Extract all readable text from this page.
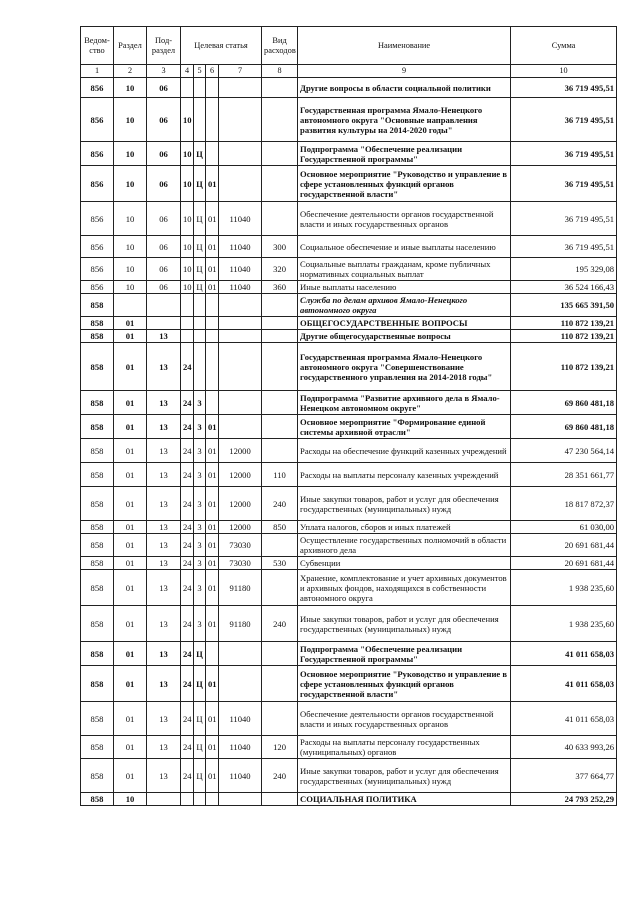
Ведом-ство	Раздел	Под-раздел	Целевая статья				Вид расходов	Наименование	Сумма
1	2	3	4	5	6	7	8	9	10
856	10	06						Другие вопросы в области социальной политики	36 719 495,51
856	10	06	10					Государственная программа Ямало-Ненецкого автономного округа "Основные направления развития культуры на 2014-2020 годы"	36 719 495,51
856	10	06	10	Ц				Подпрограмма "Обеспечение реализации Государственной программы"	36 719 495,51
856	10	06	10	Ц	01			Основное мероприятие "Руководство и управление в сфере установленных функций органов государственной власти"	36 719 495,51
856	10	06	10	Ц	01	11040		Обеспечение деятельности органов государственной власти и иных государственных органов	36 719 495,51
856	10	06	10	Ц	01	11040	300	Социальное обеспечение и иные выплаты населению	36 719 495,51
856	10	06	10	Ц	01	11040	320	Социальные выплаты гражданам, кроме публичных нормативных социальных выплат	195 329,08
856	10	06	10	Ц	01	11040	360	Иные выплаты населению	36 524 166,43
858								Служба по делам архивов Ямало-Ненецкого автономного округа	135 665 391,50
858	01							ОБЩЕГОСУДАРСТВЕННЫЕ ВОПРОСЫ	110 872 139,21
858	01	13						Другие общегосударственные вопросы	110 872 139,21
858	01	13	24					Государственная программа Ямало-Ненецкого автономного округа "Совершенствование государственного управления на 2014-2018 годы"	110 872 139,21
858	01	13	24	3				Подпрограмма "Развитие архивного дела в Ямало-Ненецком автономном округе"	69 860 481,18
858	01	13	24	3	01			Основное мероприятие "Формирование единой системы архивной отрасли"	69 860 481,18
858	01	13	24	3	01	12000		Расходы на обеспечение функций казенных учреждений	47 230 564,14
858	01	13	24	3	01	12000	110	Расходы на выплаты персоналу казенных учреждений	28 351 661,77
858	01	13	24	3	01	12000	240	Иные закупки товаров, работ и услуг для обеспечения государственных (муниципальных) нужд	18 817 872,37
858	01	13	24	3	01	12000	850	Уплата налогов, сборов и иных платежей	61 030,00
858	01	13	24	3	01	73030		Осуществление государственных полномочий в области архивного дела	20 691 681,44
858	01	13	24	3	01	73030	530	Субвенции	20 691 681,44
858	01	13	24	3	01	91180		Хранение, комплектование и учет архивных документов и архивных фондов, находящихся в собственности автономного округа	1 938 235,60
858	01	13	24	3	01	91180	240	Иные закупки товаров, работ и услуг для обеспечения государственных (муниципальных) нужд	1 938 235,60
858	01	13	24	Ц				Подпрограмма "Обеспечение реализации Государственной программы"	41 011 658,03
858	01	13	24	Ц	01			Основное мероприятие "Руководство и управление в сфере установленных функций органов государственной власти"	41 011 658,03
858	01	13	24	Ц	01	11040		Обеспечение деятельности органов государственной власти и иных государственных органов	41 011 658,03
858	01	13	24	Ц	01	11040	120	Расходы на выплаты персоналу государственных (муниципальных) органов	40 633 993,26
858	01	13	24	Ц	01	11040	240	Иные закупки товаров, работ и услуг для обеспечения государственных (муниципальных) нужд	377 664,77
858	10							СОЦИАЛЬНАЯ ПОЛИТИКА	24 793 252,29
